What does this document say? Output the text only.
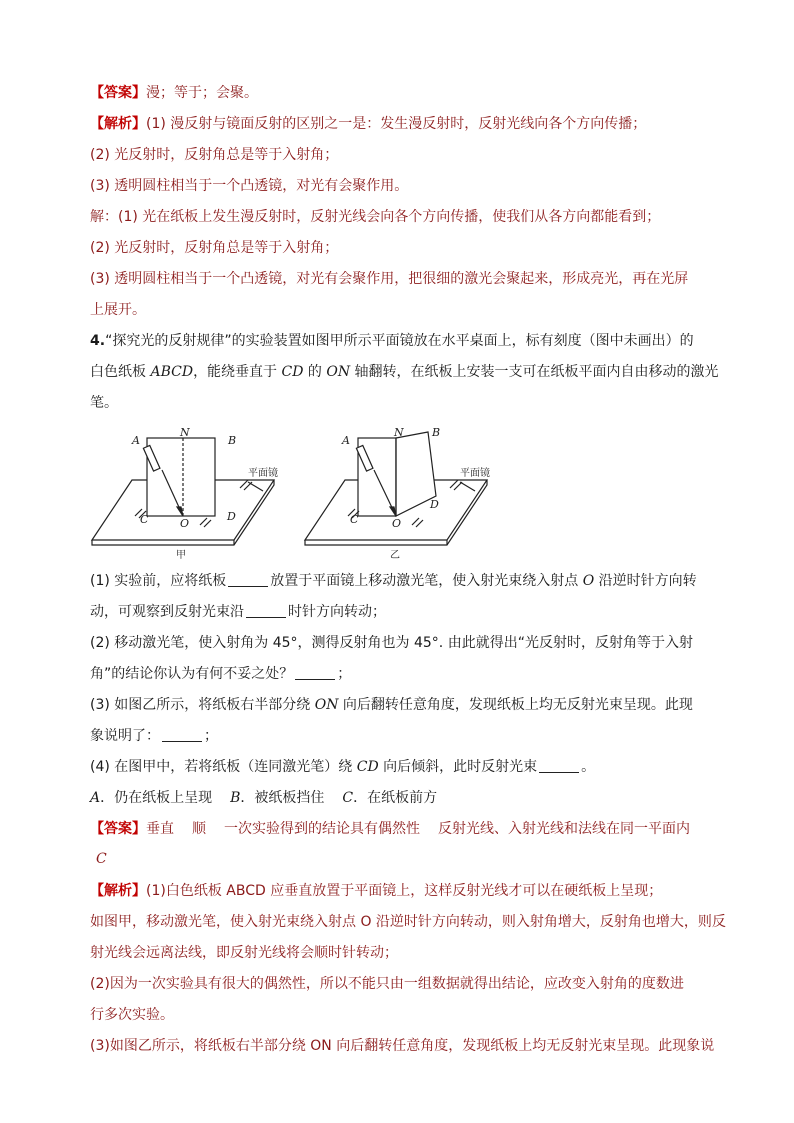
【答案】漫；等于；会聚。
【解析】(1) 漫反射与镜面反射的区别之一是：发生漫反射时，反射光线向各个方向传播；
(2) 光反射时，反射角总是等于入射角；
(3) 透明圆柱相当于一个凸透镜，对光有会聚作用。
解：(1) 光在纸板上发生漫反射时，反射光线会向各个方向传播，使我们从各方向都能看到；
(2) 光反射时，反射角总是等于入射角；
(3) 透明圆柱相当于一个凸透镜，对光有会聚作用，把很细的激光会聚起来，形成亮光，再在光屏
上展开。
4.“探究光的反射规律”的实验装置如图甲所示平面镜放在水平桌面上，标有刻度（图中未画出）的
白色纸板 ABCD，能绕垂直于 CD 的 ON 轴翻转，在纸板上安装一支可在纸板平面内自由移动的激光
笔。
A
N
B
C	O
D
A
N	B
C	O
D
平面镜
甲
平面镜
乙
(1) 实验前，应将纸板	放置于平面镜上移动激光笔，使入射光束绕入射点 O 沿逆时针方向转
动，可观察到反射光束沿	时针方向转动；
(2) 移动激光笔，使入射角为 45°，测得反射角也为 45°. 由此就得出“光反射时，反射角等于入射
角”的结论你认为有何不妥之处？	；
(3) 如图乙所示，将纸板右半部分绕 ON 向后翻转任意角度，发现纸板上均无反射光束呈现。此现
象说明了：	；
(4) 在图甲中，若将纸板（连同激光笔）绕 CD 向后倾斜，此时反射光束	。
A．仍在纸板上呈现 B．被纸板挡住 C．在纸板前方
【答案】垂直 顺 一次实验得到的结论具有偶然性 反射光线、入射光线和法线在同一平面内
C
【解析】(1)白色纸板 ABCD 应垂直放置于平面镜上，这样反射光线才可以在硬纸板上呈现；
如图甲，移动激光笔，使入射光束绕入射点 O 沿逆时针方向转动，则入射角增大，反射角也增大，则反
射光线会远离法线，即反射光线将会顺时针转动；
(2)因为一次实验具有很大的偶然性，所以不能只由一组数据就得出结论，应改变入射角的度数进
行多次实验。
(3)如图乙所示，将纸板右半部分绕 ON 向后翻转任意角度，发现纸板上均无反射光束呈现。此现象说
